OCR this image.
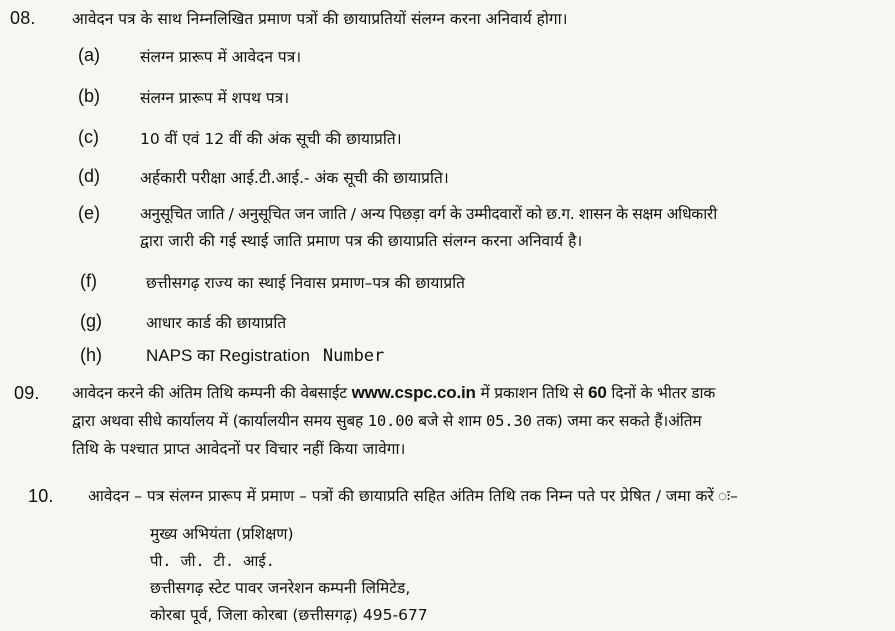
08. आवेदन पत्र के साथ निम्नलिखित प्रमाण पत्रों की छायाप्रतियों संलग्न करना अनिवार्य होगा।
(a)	संलग्न प्रारूप में आवेदन पत्र।
(b)	संलग्न प्रारूप में शपथ पत्र।
(c)	10 वीं एवं 12 वीं की अंक सूची की छायाप्रति।
(d)	अर्हकारी परीक्षा आई.टी.आई.- अंक सूची की छायाप्रति।
(e)	अनुसूचित जाति / अनुसूचित जन जाति / अन्य पिछड़ा वर्ग के उम्मीदवारों को छ.ग. शासन के सक्षम अधिकारी
द्वारा जारी की गई स्थाई जाति प्रमाण पत्र की छायाप्रति संलग्न करना अनिवार्य है।
(f)	छत्तीसगढ़ राज्य का स्थाई निवास प्रमाण–पत्र की छायाप्रति
(g)	आधार कार्ड की छायाप्रति
(h)	NAPS का Registration Number
09. आवेदन करने की अंतिम तिथि कम्पनी की वेबसाईट www.cspc.co.in में प्रकाशन तिथि से 60 दिनों के भीतर डाक
द्वारा अथवा सीधे कार्यालय में (कार्यालयीन समय सुबह 10.00 बजे से शाम 05.30 तक) जमा कर सकते हैं।अंतिम
तिथि के पश्चात प्राप्त आवेदनों पर विचार नहीं किया जावेगा।
10. आवेदन – पत्र संलग्न प्रारूप में प्रमाण – पत्रों की छायाप्रति सहित अंतिम तिथि तक निम्न पते पर प्रेषित / जमा करें ः–
मुख्य अभियंता (प्रशिक्षण)
पी. जी. टी. आई.
छत्तीसगढ़ स्टेट पावर जनरेशन कम्पनी लिमिटेड,
कोरबा पूर्व, जिला कोरबा (छत्तीसगढ़) 495-677
